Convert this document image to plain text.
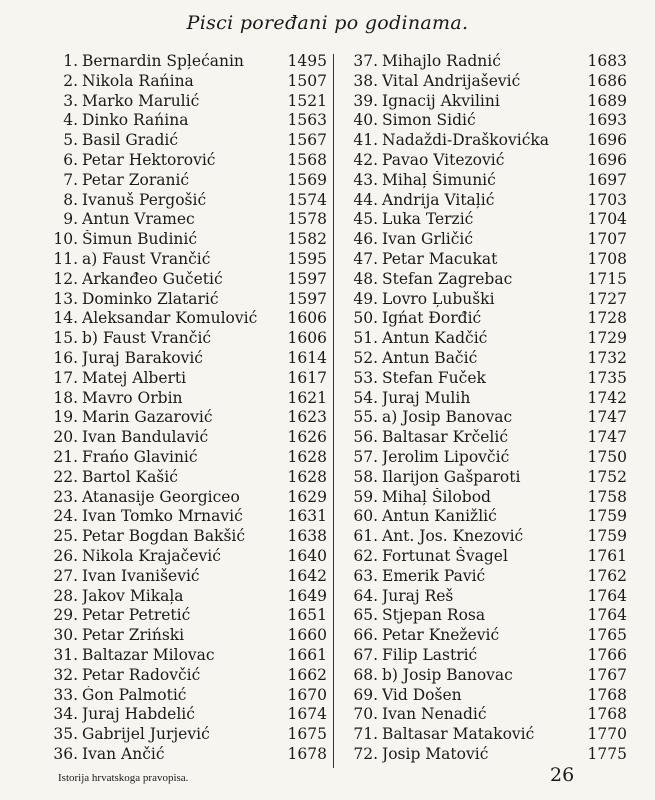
Pisci poređani po godinama.
1. Bernardin Spļećanin	1495
2. Nikola Rańina	1507
3. Marko Marulić	1521
4. Dinko Rańina	1563
5. Basil Gradić	1567
6. Petar Hektorović	1568
7. Petar Zoranić	1569
8. Ivanuš Pergošić	1574
9. Antun Vramec	1578
10. Šimun Budinić	1582
11. a) Faust Vrančić	1595
12. Arkanđeo Gučetić	1597
13. Dominko Zlatarić	1597
14. Aleksandar Komulović	1606
15. b) Faust Vrančić	1606
16. Juraj Baraković	1614
17. Matej Alberti	1617
18. Mavro Orbin	1621
19. Marin Gazarović	1623
20. Ivan Bandulavić	1626
21. Frańo Glavinić	1628
22. Bartol Kašić	1628
23. Atanasije Georgiceo	1629
24. Ivan Tomko Mrnavić	1631
25. Petar Bogdan Bakšić	1638
26. Nikola Krajačević	1640
27. Ivan Ivanišević	1642
28. Jakov Mikaļa	1649
29. Petar Petretić	1651
30. Petar Zriński	1660
31. Baltazar Milovac	1661
32. Petar Radovčić	1662
33. Ǵon Palmotić	1670
34. Juraj Habdelić	1674
35. Gabrijel Jurjević	1675
36. Ivan Ančić	1678
37. Mihaјlo Radnić	1683
38. Vital Andrijašević	1686
39. Ignacij Akvilini	1689
40. Simon Sidić	1693
41. Nadaždi-Draškovićka	1696
42. Pavao Vitezović	1696
43. Mihaļ Šimunić	1697
44. Andrija Vitaļić	1703
45. Luka Terzić	1704
46. Ivan Grličić	1707
47. Petar Macukat	1708
48. Stefan Zagrebac	1715
49. Lovro Ļubuški	1727
50. Igńat Đorđić	1728
51. Antun Kadčić	1729
52. Antun Bačić	1732
53. Stefan Fuček	1735
54. Juraj Mulih	1742
55. a) Josip Banovac	1747
56. Baltasar Krčelić	1747
57. Jerolim Lipovčić	1750
58. Ilarijon Gašparoti	1752
59. Mihaļ Šilobod	1758
60. Antun Kanižlić	1759
61. Ant. Jos. Knezović	1759
62. Fortunat Švagel	1761
63. Emerik Pavić	1762
64. Juraj Reš	1764
65. Stjepan Rosa	1764
66. Petar Knežević	1765
67. Filip Lastrić	1766
68. b) Josip Banovac	1767
69. Vid Došen	1768
70. Ivan Nenadić	1768
71. Baltasar Mataković	1770
72. Josip Matović	1775
Istorija hrvatskoga pravopisa.	26
